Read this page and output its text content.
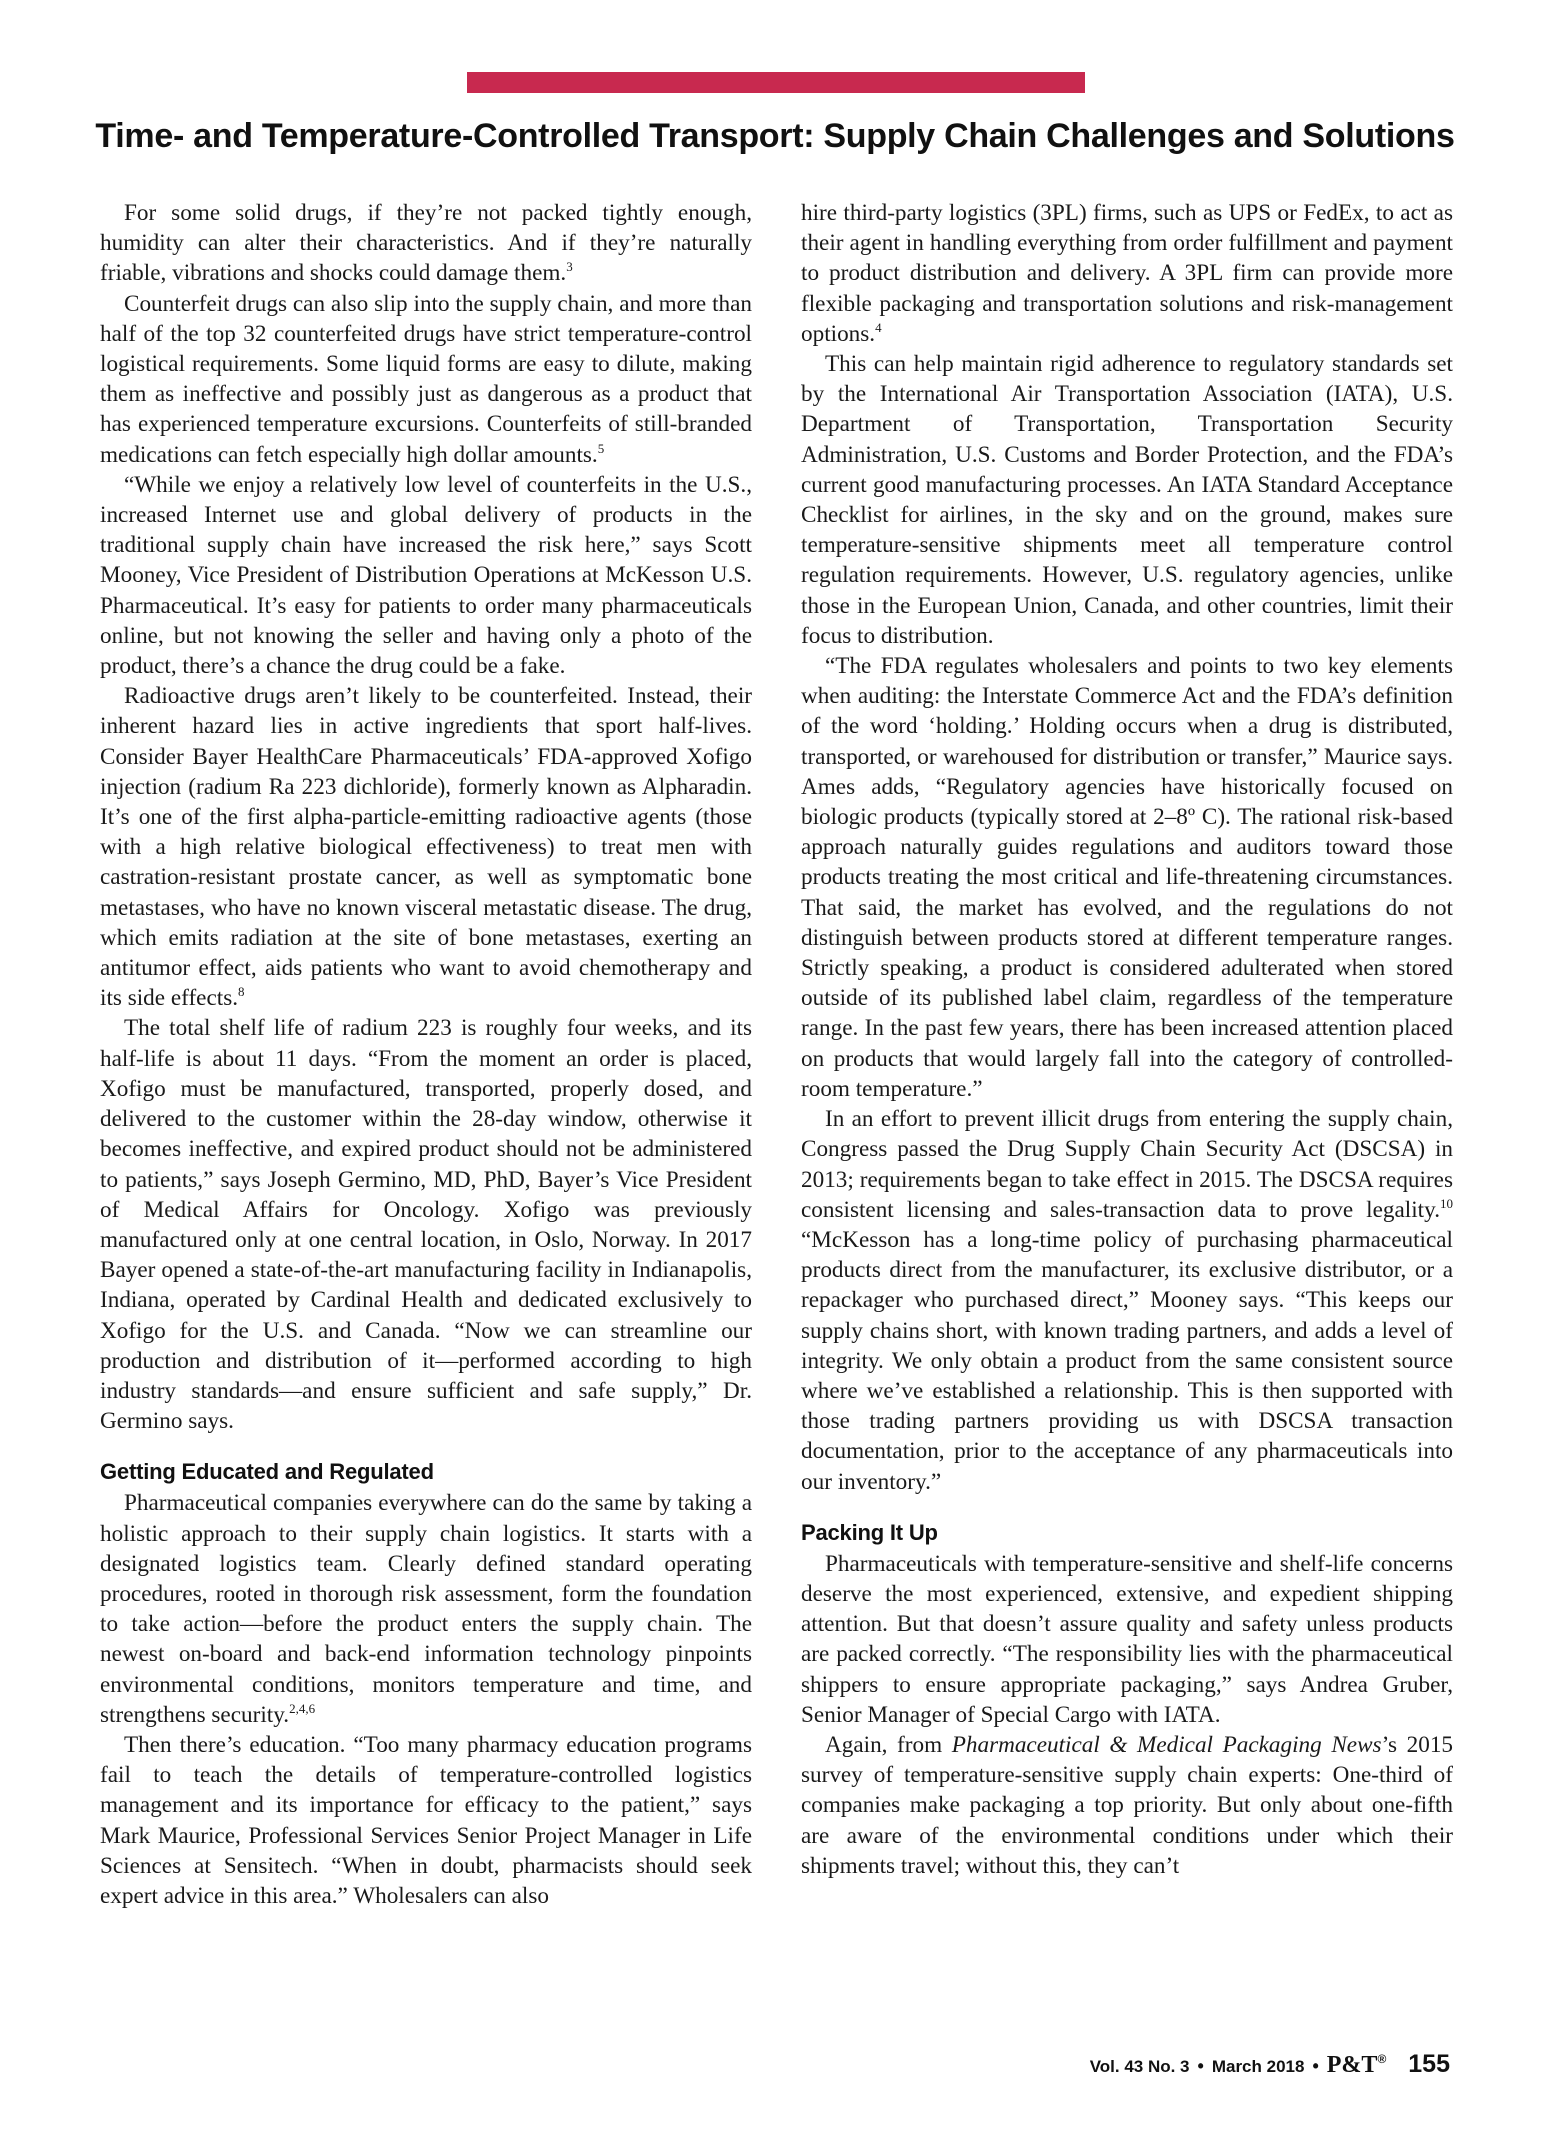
Time- and Temperature-Controlled Transport: Supply Chain Challenges and Solutions

For some solid drugs, if they’re not packed tightly enough, humidity can alter their characteristics. And if they’re naturally friable, vibrations and shocks could damage them.$^3$

Counterfeit drugs can also slip into the supply chain, and more than half of the top 32 counterfeited drugs have strict temperature-control logistical requirements. Some liquid forms are easy to dilute, making them as ineffective and possibly just as dangerous as a product that has experienced temperature excursions. Counterfeits of still-branded medications can fetch especially high dollar amounts.$^5$

“While we enjoy a relatively low level of counterfeits in the U.S., increased Internet use and global delivery of products in the traditional supply chain have increased the risk here,” says Scott Mooney, Vice President of Distribution Operations at McKesson U.S. Pharmaceutical. It’s easy for patients to order many pharmaceuticals online, but not knowing the seller and having only a photo of the product, there’s a chance the drug could be a fake.

Radioactive drugs aren’t likely to be counterfeited. Instead, their inherent hazard lies in active ingredients that sport half-lives. Consider Bayer HealthCare Pharmaceuticals’ FDA-approved Xofigo injection (radium Ra 223 dichloride), formerly known as Alpharadin. It’s one of the first alpha-particle-emitting radioactive agents (those with a high relative biological effectiveness) to treat men with castration-resistant prostate cancer, as well as symptomatic bone metastases, who have no known visceral metastatic disease. The drug, which emits radiation at the site of bone metastases, exerting an antitumor effect, aids patients who want to avoid chemotherapy and its side effects.$^8$

The total shelf life of radium 223 is roughly four weeks, and its half-life is about 11 days. “From the moment an order is placed, Xofigo must be manufactured, transported, properly dosed, and delivered to the customer within the 28-day window, otherwise it becomes ineffective, and expired product should not be administered to patients,” says Joseph Germino, MD, PhD, Bayer’s Vice President of Medical Affairs for Oncology. Xofigo was previously manufactured only at one central location, in Oslo, Norway. In 2017 Bayer opened a state-of-the-art manufacturing facility in Indianapolis, Indiana, operated by Cardinal Health and dedicated exclusively to Xofigo for the U.S. and Canada. “Now we can streamline our production and distribution of it—performed according to high industry standards—and ensure sufficient and safe supply,” Dr. Germino says.

Getting Educated and Regulated

Pharmaceutical companies everywhere can do the same by taking a holistic approach to their supply chain logistics. It starts with a designated logistics team. Clearly defined standard operating procedures, rooted in thorough risk assessment, form the foundation to take action—before the product enters the supply chain. The newest on-board and back-end information technology pinpoints environmental conditions, monitors temperature and time, and strengthens security.$^{2,4,6}$

Then there’s education. “Too many pharmacy education programs fail to teach the details of temperature-controlled logistics management and its importance for efficacy to the patient,” says Mark Maurice, Professional Services Senior Project Manager in Life Sciences at Sensitech. “When in doubt, pharmacists should seek expert advice in this area.” Wholesalers can also

hire third-party logistics (3PL) firms, such as UPS or FedEx, to act as their agent in handling everything from order fulfillment and payment to product distribution and delivery. A 3PL firm can provide more flexible packaging and transportation solutions and risk-management options.$^4$

This can help maintain rigid adherence to regulatory standards set by the International Air Transportation Association (IATA), U.S. Department of Transportation, Transportation Security Administration, U.S. Customs and Border Protection, and the FDA’s current good manufacturing processes. An IATA Standard Acceptance Checklist for airlines, in the sky and on the ground, makes sure temperature-sensitive shipments meet all temperature control regulation requirements. However, U.S. regulatory agencies, unlike those in the European Union, Canada, and other countries, limit their focus to distribution.

“The FDA regulates wholesalers and points to two key elements when auditing: the Interstate Commerce Act and the FDA’s definition of the word ‘holding.’ Holding occurs when a drug is distributed, transported, or warehoused for distribution or transfer,” Maurice says. Ames adds, “Regulatory agencies have historically focused on biologic products (typically stored at 2–8º C). The rational risk-based approach naturally guides regulations and auditors toward those products treating the most critical and life-threatening circumstances. That said, the market has evolved, and the regulations do not distinguish between products stored at different temperature ranges. Strictly speaking, a product is considered adulterated when stored outside of its published label claim, regardless of the temperature range. In the past few years, there has been increased attention placed on products that would largely fall into the category of controlled-room temperature.”

In an effort to prevent illicit drugs from entering the supply chain, Congress passed the Drug Supply Chain Security Act (DSCSA) in 2013; requirements began to take effect in 2015. The DSCSA requires consistent licensing and sales-transaction data to prove legality.$^{10}$ “McKesson has a long-time policy of purchasing pharmaceutical products direct from the manufacturer, its exclusive distributor, or a repackager who purchased direct,” Mooney says. “This keeps our supply chains short, with known trading partners, and adds a level of integrity. We only obtain a product from the same consistent source where we’ve established a relationship. This is then supported with those trading partners providing us with DSCSA transaction documentation, prior to the acceptance of any pharmaceuticals into our inventory.”

Packing It Up

Pharmaceuticals with temperature-sensitive and shelf-life concerns deserve the most experienced, extensive, and expedient shipping attention. But that doesn’t assure quality and safety unless products are packed correctly. “The responsibility lies with the pharmaceutical shippers to ensure appropriate packaging,” says Andrea Gruber, Senior Manager of Special Cargo with IATA.

Again, from Pharmaceutical & Medical Packaging News’s 2015 survey of temperature-sensitive supply chain experts: One-third of companies make packaging a top priority. But only about one-fifth are aware of the environmental conditions under which their shipments travel; without this, they can’t

Vol. 43 No. 3 • March 2018 • P&T® 155
